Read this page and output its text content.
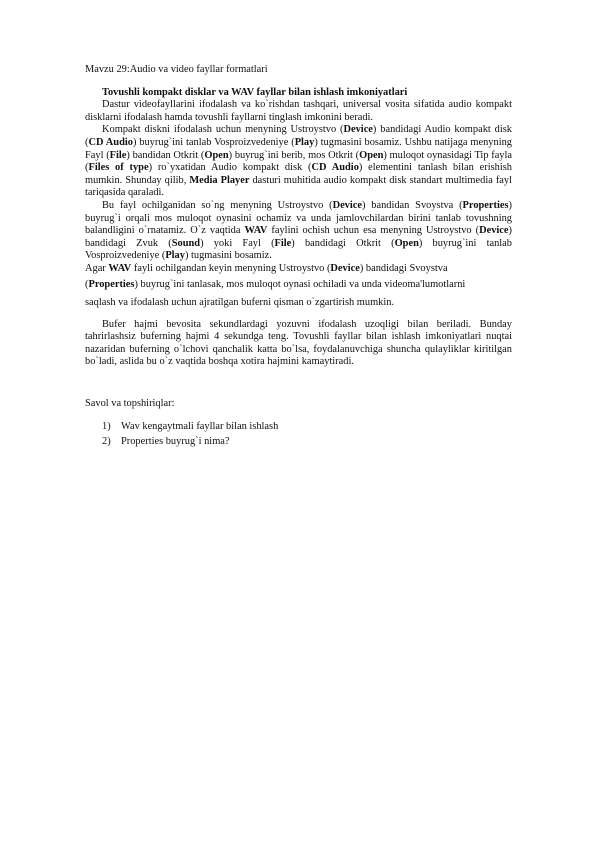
Mavzu 29:Audio va video fayllar formatlari

Tovushli kompakt disklar va WAV fayllar bilan ishlash imkoniyatlari

Dastur videofayllarini ifodalash va ko`rishdan tashqari, universal vosita sifatida audio kompakt disklarni ifodalash hamda tovushli fayllarni tinglash imkonini beradi.

Kompakt diskni ifodalash uchun menyning Ustroystvo (Device) bandidagi Audio kompakt disk (CD Audio) buyrug`ini tanlab Vosproizvedeniye (Play) tugmasini bosamiz. Ushbu natijaga menyning Fayl (File) bandidan Otkrit (Open) buyrug`ini berib, mos Otkrit (Open) muloqot oynasidagi Tip fayla (Files of type) ro`yxatidan Audio kompakt disk (CD Audio) elementini tanlash bilan erishish mumkin. Shunday qilib, Media Player dasturi muhitida audio kompakt disk standart multimedia fayl tariqasida qaraladi.

Bu fayl ochilganidan so`ng menyning Ustroystvo (Device) bandidan Svoystva (Properties) buyrug`i orqali mos muloqot oynasini ochamiz va unda jamlovchilardan birini tanlab tovushning balandligini o`rnatamiz. O`z vaqtida WAV faylini ochish uchun esa menyning Ustroystvo (Device) bandidagi Zvuk (Sound) yoki Fayl (File) bandidagi Otkrit (Open) buyrug`ini tanlab Vosproizvedeniye (Play) tugmasini bosamiz.

Agar WAV fayli ochilgandan keyin menyning Ustroystvo (Device) bandidagi Svoystva

(Properties) buyrug`ini tanlasak, mos muloqot oynasi ochiladi va unda videoma'lumotlarni

saqlash va ifodalash uchun ajratilgan buferni qisman o`zgartirish mumkin.

Bufer hajmi bevosita sekundlardagi yozuvni ifodalash uzoqligi bilan beriladi. Bunday tahrirlashsiz buferning hajmi 4 sekundga teng. Tovushli fayllar bilan ishlash imkoniyatlari nuqtai nazaridan buferning o`lchovi qanchalik katta bo`lsa, foydalanuvchiga shuncha qulayliklar kiritilgan bo`ladi, aslida bu o`z vaqtida boshqa xotira hajmini kamaytiradi.

Savol va topshiriqlar:

1) Wav kengaytmali fayllar bilan ishlash
2) Properties buyrug`i nima?
